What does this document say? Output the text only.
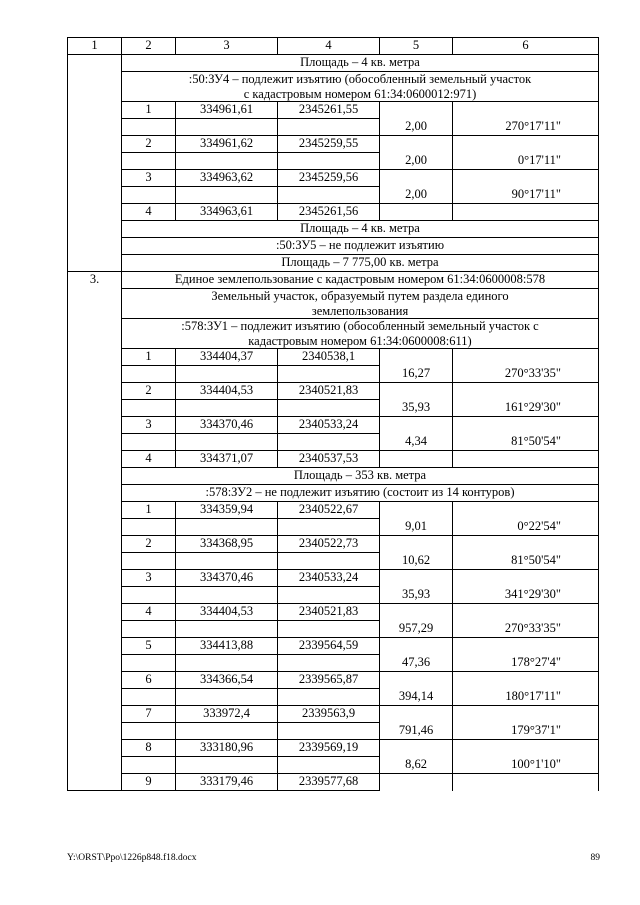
1	2	3	4	5	6

	Площадь – 4 кв. метра				

	:50:ЗУ4 – подлежит изъятию (обособленный земельный участок
с кадастровым номером 61:34:0600012:971)				

	1	334961,61	2345261,55		
				2,00	270°17'11"
	2	334961,62	2345259,55		
				2,00	0°17'11"
	3	334963,62	2345259,56		
				2,00	90°17'11"
	4	334963,61	2345261,56		

	Площадь – 4 кв. метра				

	:50:ЗУ5 – не подлежит изъятию				

	Площадь – 7 775,00 кв. метра				

3.	Единое землепользование с кадастровым номером 61:34:0600008:578				

	Земельный участок, образуемый путем раздела единого
землепользования				

	:578:ЗУ1 – подлежит изъятию (обособленный земельный участок с
кадастровым номером 61:34:0600008:611)				

	1	334404,37	2340538,1		
				16,27	270°33'35"
	2	334404,53	2340521,83		
				35,93	161°29'30"
	3	334370,46	2340533,24		
				4,34	81°50'54"
	4	334371,07	2340537,53		

	Площадь – 353 кв. метра				

	:578:ЗУ2 – не подлежит изъятию (состоит из 14 контуров)				

	1	334359,94	2340522,67		
				9,01	0°22'54"
	2	334368,95	2340522,73		
				10,62	81°50'54"
	3	334370,46	2340533,24		
				35,93	341°29'30"
	4	334404,53	2340521,83		
				957,29	270°33'35"
	5	334413,88	2339564,59		
				47,36	178°27'4"
	6	334366,54	2339565,87		
				394,14	180°17'11"
	7	333972,4	2339563,9		
				791,46	179°37'1"
	8	333180,96	2339569,19		
				8,62	100°1'10"
	9	333179,46	2339577,68		
Y:\ORST\Ppo\1226p848.f18.docx	89
